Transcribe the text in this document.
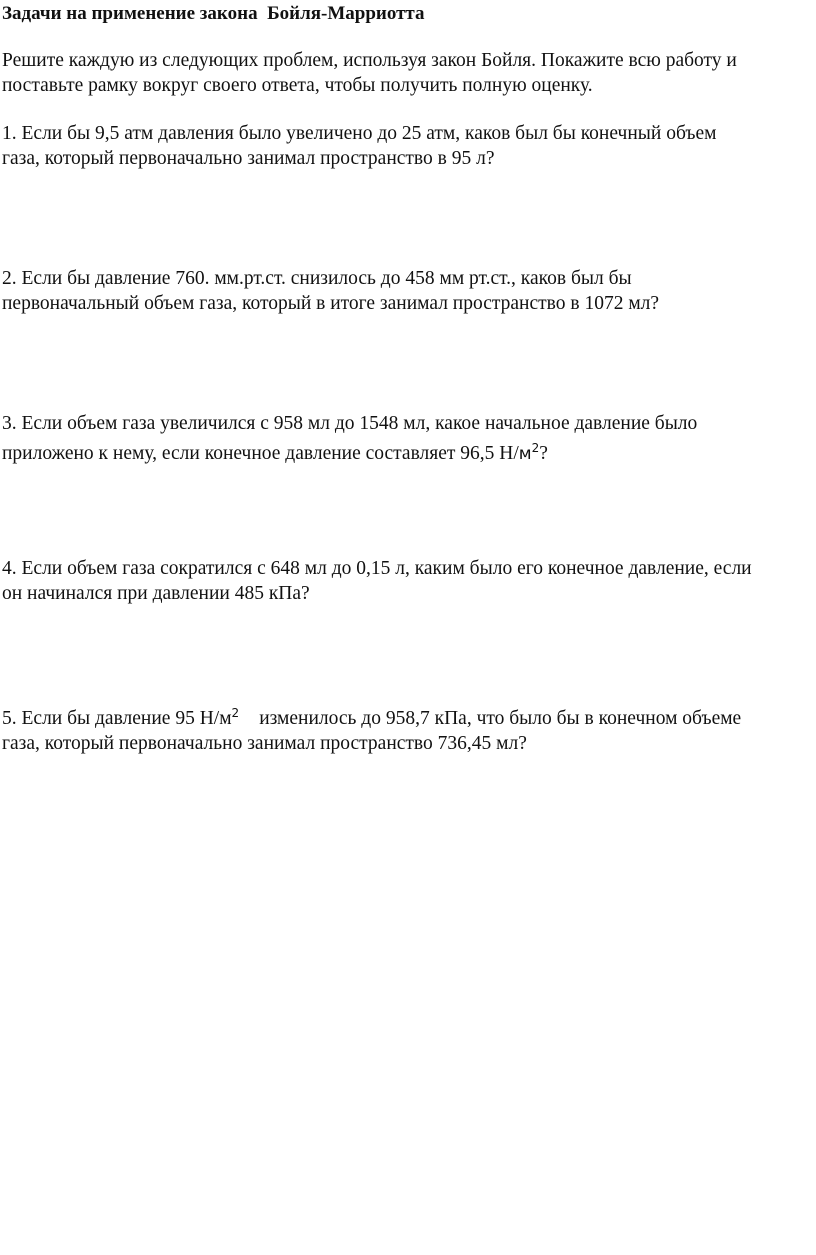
Задачи на применение закона  Бойля-Марриотта
Решите каждую из следующих проблем, используя закон Бойля. Покажите всю работу и
поставьте рамку вокруг своего ответа, чтобы получить полную оценку.
1. Если бы 9,5 атм давления было увеличено до 25 атм, каков был бы конечный объем
газа, который первоначально занимал пространство в 95 л?
2. Если бы давление 760. мм.рт.ст. снизилось до 458 мм рт.ст., каков был бы
первоначальный объем газа, который в итоге занимал пространство в 1072 мл?
3. Если объем газа увеличился с 958 мл до 1548 мл, какое начальное давление было
приложено к нему, если конечное давление составляет 96,5 $Н/м^2$?
4. Если объем газа сократился с 648 мл до 0,15 л, каким было его конечное давление, если
он начинался при давлении 485 кПа?
5. Если бы давление 95 $Н/м^2$ изменилось до 958,7 кПа, что было бы в конечном объеме
газа, который первоначально занимал пространство 736,45 мл?
